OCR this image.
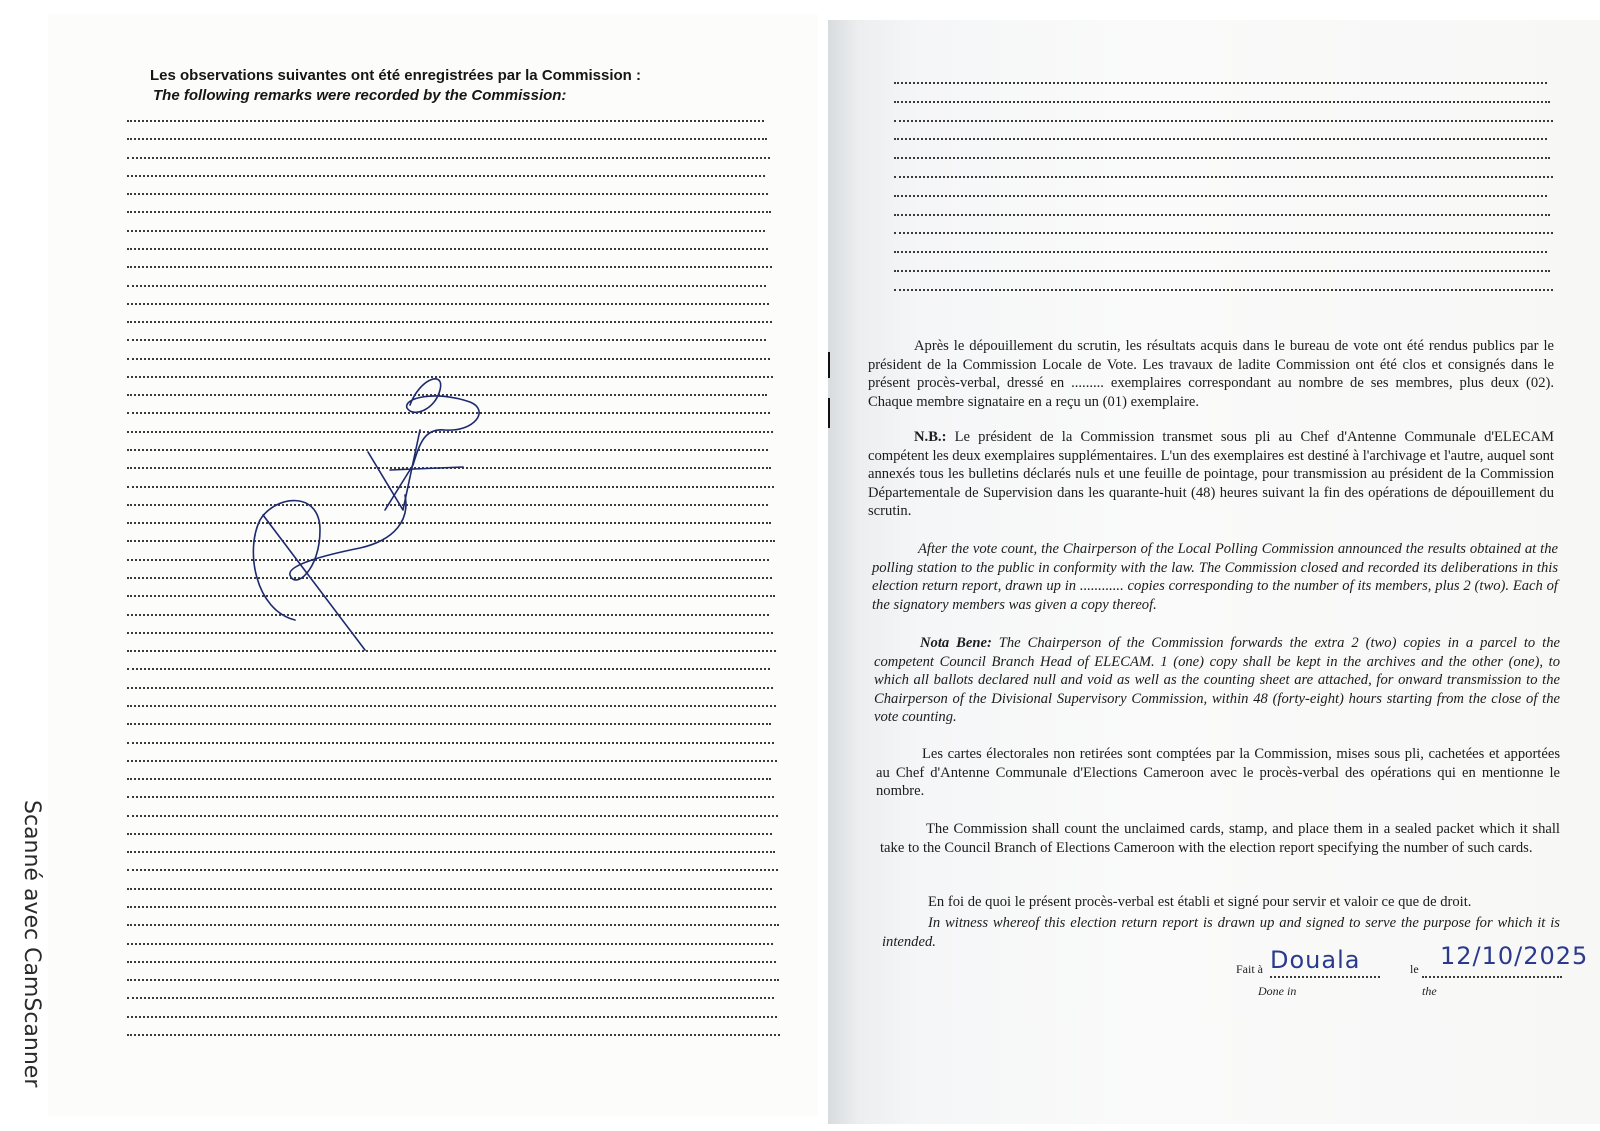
Scanné avec CamScanner
Les observations suivantes ont été enregistrées par la Commission :
The following remarks were recorded by the Commission:

Après le dépouillement du scrutin, les résultats acquis dans le bureau de vote ont été rendus publics par le président de la Commission Locale de Vote. Les travaux de ladite Commission ont été clos et consignés dans le présent procès-verbal, dressé en ......... exemplaires correspondant au nombre de ses membres, plus deux (02). Chaque membre signataire en a reçu un (01) exemplaire.

N.B.: Le président de la Commission transmet sous pli au Chef d'Antenne Communale d'ELECAM compétent les deux exemplaires supplémentaires. L'un des exemplaires est destiné à l'archivage et l'autre, auquel sont annexés tous les bulletins déclarés nuls et une feuille de pointage, pour transmission au président de la Commission Départementale de Supervision dans les quarante-huit (48) heures suivant la fin des opérations de dépouillement du scrutin.

After the vote count, the Chairperson of the Local Polling Commission announced the results obtained at the polling station to the public in conformity with the law. The Commission closed and recorded its deliberations in this election return report, drawn up in ............ copies corresponding to the number of its members, plus 2 (two). Each of the signatory members was given a copy thereof.

Nota Bene: The Chairperson of the Commission forwards the extra 2 (two) copies in a parcel to the competent Council Branch Head of ELECAM. 1 (one) copy shall be kept in the archives and the other (one), to which all ballots declared null and void as well as the counting sheet are attached, for onward transmission to the Chairperson of the Divisional Supervisory Commission, within 48 (forty-eight) hours starting from the close of the vote counting.

Les cartes électorales non retirées sont comptées par la Commission, mises sous pli, cachetées et apportées au Chef d'Antenne Communale d'Elections Cameroon avec le procès-verbal des opérations qui en mentionne le nombre.

The Commission shall count the unclaimed cards, stamp, and place them in a sealed packet which it shall take to the Council Branch of Elections Cameroon with the election report specifying the number of such cards.

En foi de quoi le présent procès-verbal est établi et signé pour servir et valoir ce que de droit.

In witness whereof this election return report is drawn up and signed to serve the purpose for which it is intended.

Fait à
Done in
Douala	le
the
12/10/2025
